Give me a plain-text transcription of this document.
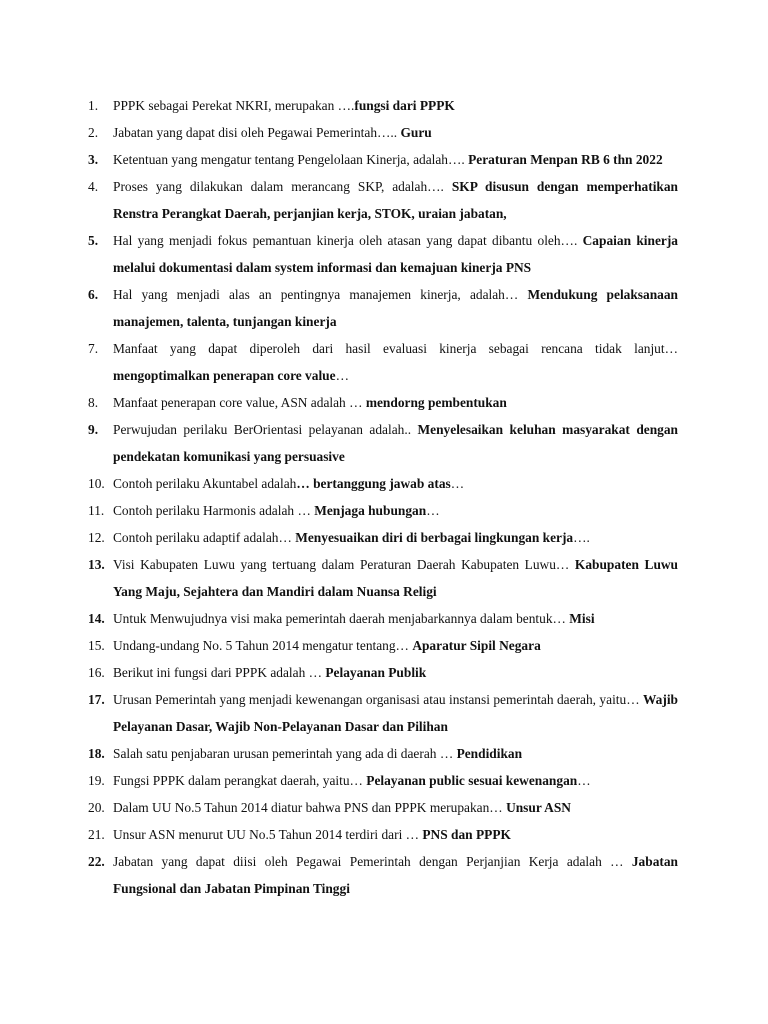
1.	PPPK sebagai Perekat NKRI, merupakan ….fungsi dari PPPK
2.	Jabatan yang dapat disi oleh Pegawai Pemerintah….. Guru
3.	Ketentuan yang mengatur tentang Pengelolaan Kinerja, adalah…. Peraturan Menpan RB 6 thn 2022
4.	Proses yang dilakukan dalam merancang SKP, adalah…. SKP disusun dengan memperhatikan Renstra Perangkat Daerah, perjanjian kerja, STOK, uraian jabatan,
5.	Hal yang menjadi fokus pemantuan kinerja oleh atasan yang dapat dibantu oleh…. Capaian kinerja melalui dokumentasi dalam system informasi dan kemajuan kinerja PNS
6.	Hal yang menjadi alas an pentingnya manajemen kinerja, adalah… Mendukung pelaksanaan manajemen, talenta, tunjangan kinerja
7.	Manfaat yang dapat diperoleh dari hasil evaluasi kinerja sebagai rencana tidak lanjut… mengoptimalkan penerapan core value…
8.	Manfaat penerapan core value, ASN adalah … mendorng pembentukan
9.	Perwujudan perilaku BerOrientasi pelayanan adalah.. Menyelesaikan keluhan masyarakat dengan pendekatan komunikasi yang persuasive
10. Contoh perilaku Akuntabel adalah… bertanggung jawab atas…
11. Contoh perilaku Harmonis adalah … Menjaga hubungan…
12. Contoh perilaku adaptif adalah… Menyesuaikan diri di berbagai lingkungan kerja….
13. Visi Kabupaten Luwu yang tertuang dalam Peraturan Daerah Kabupaten Luwu… Kabupaten Luwu Yang Maju, Sejahtera dan Mandiri dalam Nuansa Religi
14. Untuk Menwujudnya visi maka pemerintah daerah menjabarkannya dalam bentuk… Misi
15. Undang-undang No. 5 Tahun 2014 mengatur tentang… Aparatur Sipil Negara
16. Berikut ini fungsi dari PPPK adalah … Pelayanan Publik
17. Urusan Pemerintah yang menjadi kewenangan organisasi atau instansi pemerintah daerah, yaitu… Wajib Pelayanan Dasar, Wajib Non-Pelayanan Dasar dan Pilihan
18. Salah satu penjabaran urusan pemerintah yang ada di daerah … Pendidikan
19. Fungsi PPPK dalam perangkat daerah, yaitu… Pelayanan public sesuai kewenangan…
20. Dalam UU No.5 Tahun 2014 diatur bahwa PNS dan PPPK merupakan… Unsur ASN
21. Unsur ASN menurut UU No.5 Tahun 2014 terdiri dari … PNS dan PPPK
22. Jabatan yang dapat diisi oleh Pegawai Pemerintah dengan Perjanjian Kerja adalah … Jabatan Fungsional dan Jabatan Pimpinan Tinggi
